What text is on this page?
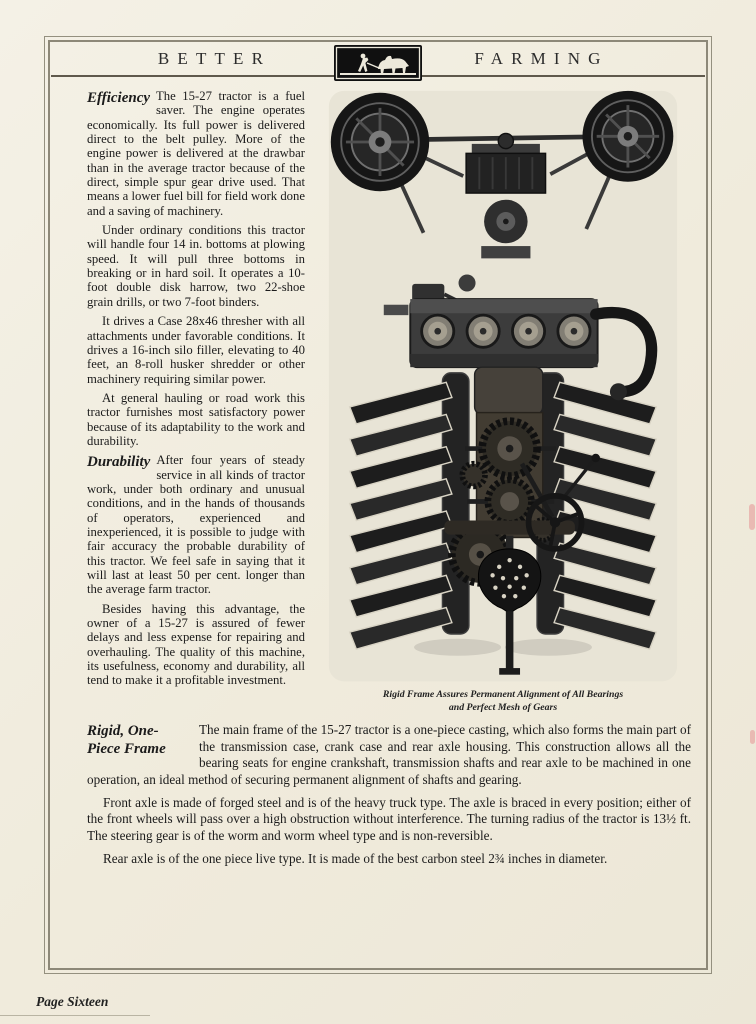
BETTER	FARMING

Efficiency The 15-27 tractor is a fuel saver. The engine operates economically. Its full power is delivered direct to the belt pulley. More of the engine power is delivered at the drawbar than in the average tractor because of the direct, simple spur gear drive used. That means a lower fuel bill for field work done and a saving of machinery.

Under ordinary conditions this tractor will handle four 14 in. bottoms at plowing speed. It will pull three bottoms in breaking or in hard soil. It operates a 10-foot double disk harrow, two 22-shoe grain drills, or two 7-foot binders.

It drives a Case 28x46 thresher with all attachments under favorable conditions. It drives a 16-inch silo filler, elevating to 40 feet, an 8-roll husker shredder or other machinery requiring similar power.

At general hauling or road work this tractor furnishes most satisfactory power because of its adaptability to the work and durability.

Durability After four years of steady service in all kinds of tractor work, under both ordinary and unusual conditions, and in the hands of thousands of operators, experienced and inexperienced, it is possible to judge with fair accuracy the probable durability of this tractor. We feel safe in saying that it will last at least 50 per cent. longer than the average farm tractor.

Besides having this advantage, the owner of a 15-27 is assured of fewer delays and less expense for repairing and overhauling. The quality of this machine, its usefulness, economy and durability, all tend to make it a profitable investment.

Rigid Frame Assures Permanent Alignment of All Bearings
and Perfect Mesh of Gears

Rigid, One-
Piece Frame
The main frame of the 15-27 tractor is a one-piece casting, which also forms the main part of the transmission case, crank case and rear axle housing. This construction allows all the bearing seats for engine crankshaft, transmission shafts and rear axle to be machined in one operation, an ideal method of securing permanent alignment of shafts and gearing.

Front axle is made of forged steel and is of the heavy truck type. The axle is braced in every position; either of the front wheels will pass over a high obstruction without interference. The turning radius of the tractor is 13½ ft. The steering gear is of the worm and worm wheel type and is non-reversible.

Rear axle is of the one piece live type. It is made of the best carbon steel 2¾ inches in diameter.

Page Sixteen
